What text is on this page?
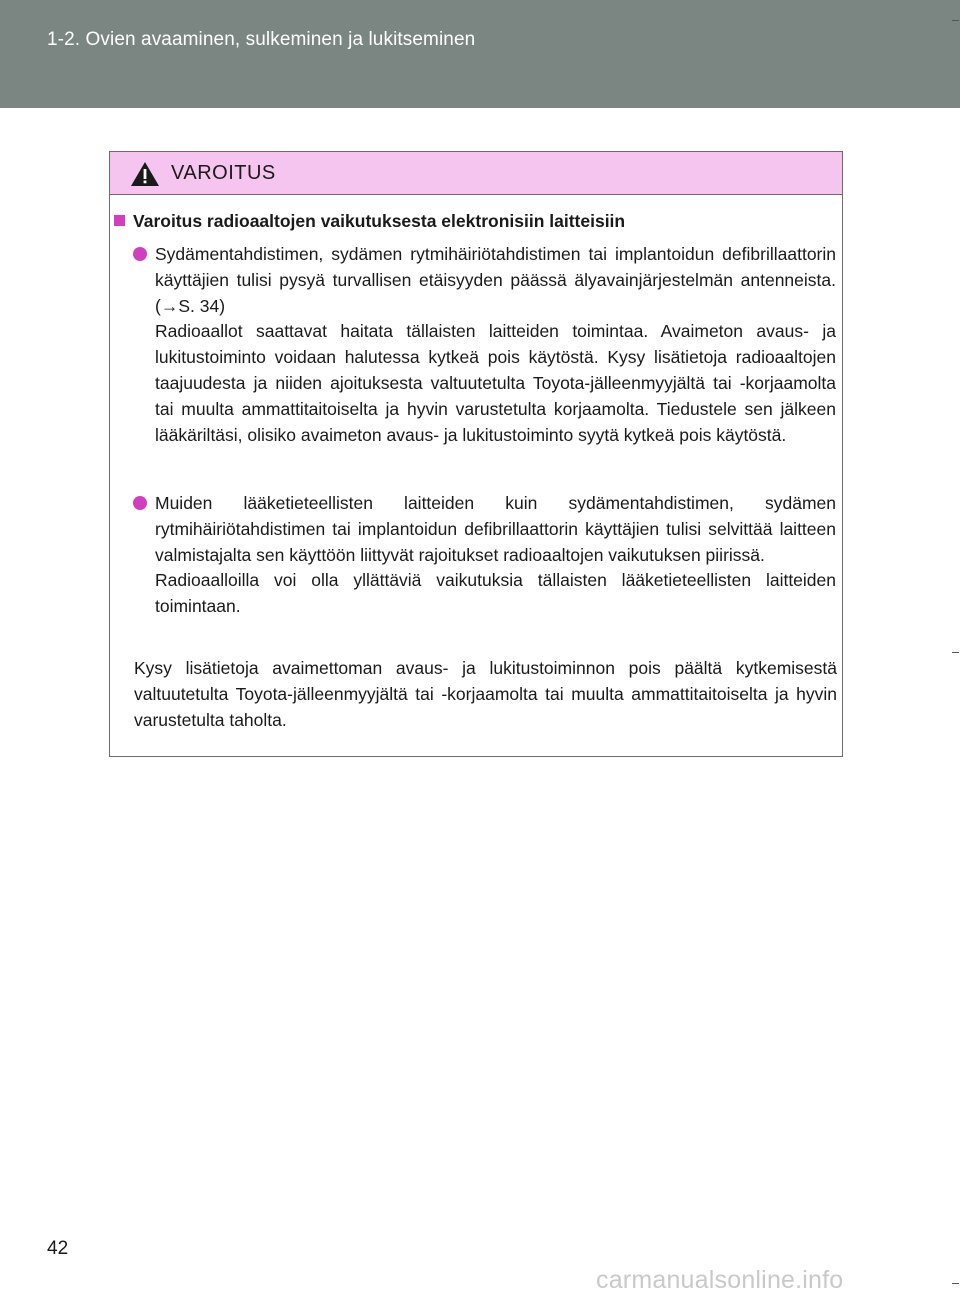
1-2. Ovien avaaminen, sulkeminen ja lukitseminen
VAROITUS
Varoitus radioaaltojen vaikutuksesta elektronisiin laitteisiin
Sydämentahdistimen, sydämen rytmihäiriötahdistimen tai implantoidun defibrillaattorin käyttäjien tulisi pysyä turvallisen etäisyyden päässä älyavainjärjestelmän antenneista. (→S. 34)
Radioaallot saattavat haitata tällaisten laitteiden toimintaa. Avaimeton avaus- ja lukitustoiminto voidaan halutessa kytkeä pois käytöstä. Kysy lisätietoja radioaaltojen taajuudesta ja niiden ajoituksesta valtuutetulta Toyota-jälleenmyyjältä tai -korjaamolta tai muulta ammattitaitoiselta ja hyvin varustetulta korjaamolta. Tiedustele sen jälkeen lääkäriltäsi, olisiko avaimeton avaus- ja lukitustoiminto syytä kytkeä pois käytöstä.
Muiden lääketieteellisten laitteiden kuin sydämentahdistimen, sydämen rytmihäiriötahdistimen tai implantoidun defibrillaattorin käyttäjien tulisi selvittää laitteen valmistajalta sen käyttöön liittyvät rajoitukset radioaaltojen vaikutuksen piirissä.
Radioaalloilla voi olla yllättäviä vaikutuksia tällaisten lääketieteellisten laitteiden toimintaan.
Kysy lisätietoja avaimettoman avaus- ja lukitustoiminnon pois päältä kytkemisestä valtuutetulta Toyota-jälleenmyyjältä tai -korjaamolta tai muulta ammattitaitoiselta ja hyvin varustetulta taholta.
42
carmanualsonline.info
